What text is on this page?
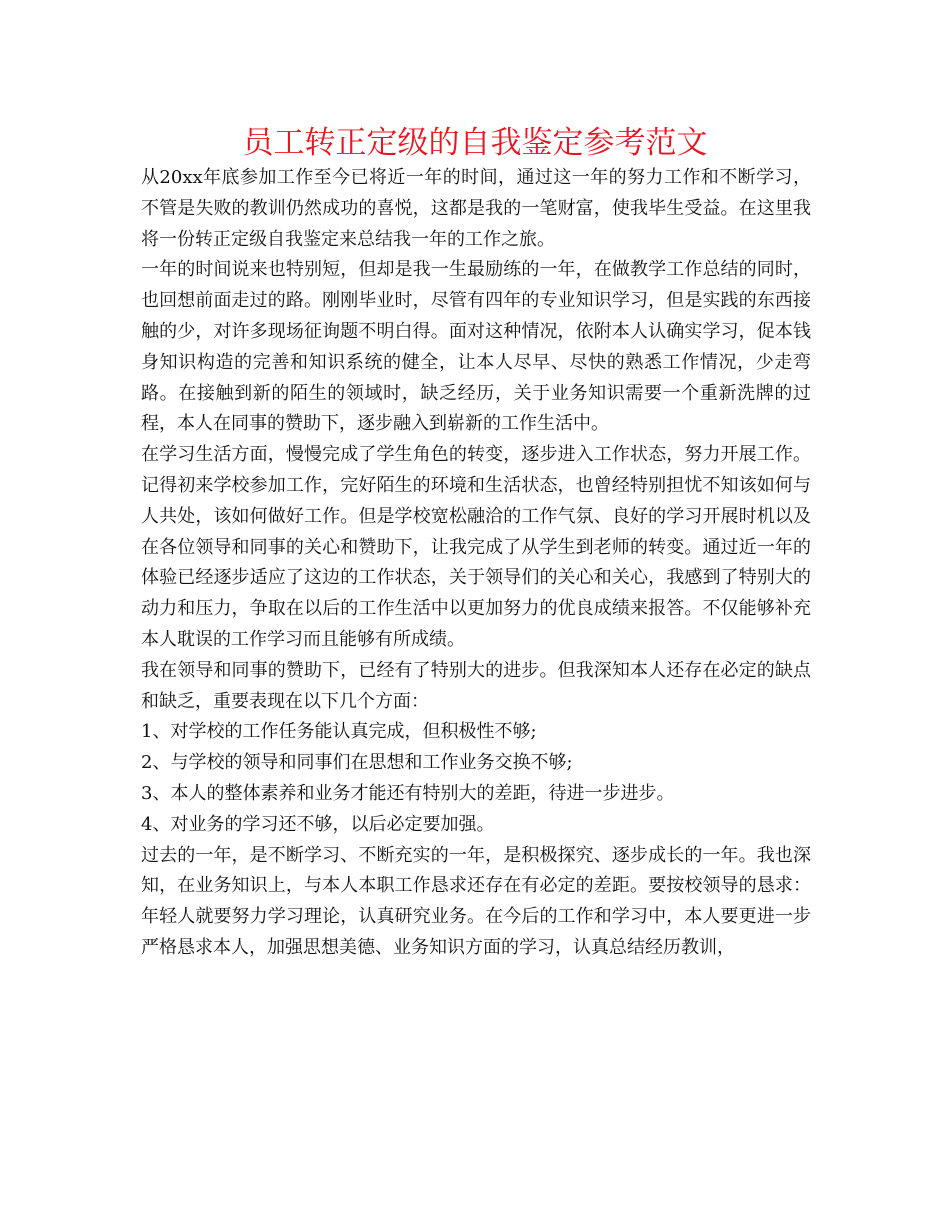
员工转正定级的自我鉴定参考范文

从20xx年底参加工作至今已将近一年的时间，通过这一年的努力工作和不断学习，不管是失败的教训仍然成功的喜悦，这都是我的一笔财富，使我毕生受益。在这里我将一份转正定级自我鉴定来总结我一年的工作之旅。

一年的时间说来也特别短，但却是我一生最励练的一年，在做教学工作总结的同时，也回想前面走过的路。刚刚毕业时，尽管有四年的专业知识学习，但是实践的东西接触的少，对许多现场征询题不明白得。面对这种情况，依附本人认确实学习，促本钱身知识构造的完善和知识系统的健全，让本人尽早、尽快的熟悉工作情况，少走弯路。在接触到新的陌生的领域时，缺乏经历，关于业务知识需要一个重新洗牌的过程，本人在同事的赞助下，逐步融入到崭新的工作生活中。

在学习生活方面，慢慢完成了学生角色的转变，逐步进入工作状态，努力开展工作。记得初来学校参加工作，完好陌生的环境和生活状态，也曾经特别担忧不知该如何与人共处，该如何做好工作。但是学校宽松融洽的工作气氛、良好的学习开展时机以及在各位领导和同事的关心和赞助下，让我完成了从学生到老师的转变。通过近一年的体验已经逐步适应了这边的工作状态，关于领导们的关心和关心，我感到了特别大的动力和压力，争取在以后的工作生活中以更加努力的优良成绩来报答。不仅能够补充本人耽误的工作学习而且能够有所成绩。

我在领导和同事的赞助下，已经有了特别大的进步。但我深知本人还存在必定的缺点和缺乏，重要表现在以下几个方面：

1、对学校的工作任务能认真完成，但积极性不够;

2、与学校的领导和同事们在思想和工作业务交换不够;

3、本人的整体素养和业务才能还有特别大的差距，待进一步进步。

4、对业务的学习还不够，以后必定要加强。

过去的一年，是不断学习、不断充实的一年，是积极探究、逐步成长的一年。我也深知，在业务知识上，与本人本职工作恳求还存在有必定的差距。要按校领导的恳求：年轻人就要努力学习理论，认真研究业务。在今后的工作和学习中，本人要更进一步严格恳求本人，加强思想美德、业务知识方面的学习，认真总结经历教训，
